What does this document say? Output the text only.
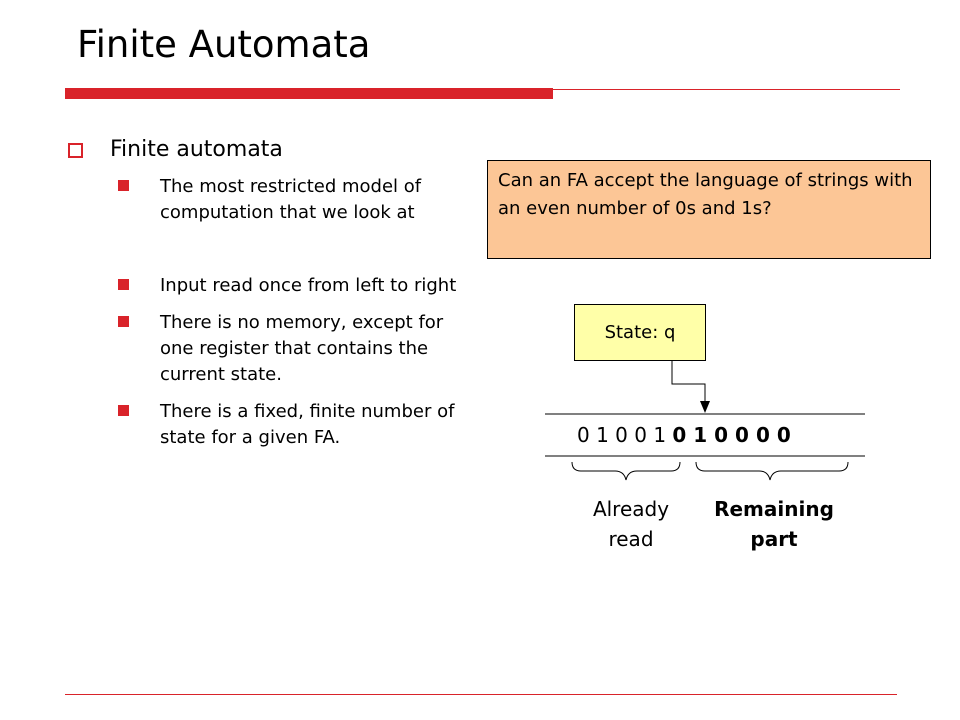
Finite Automata
Finite automata
The most restricted model of computation that we look at
Input read once from left to right
There is no memory, except for one register that contains the current state.
There is a fixed, finite number of state for a given FA.
Can an FA accept the language of strings with an even number of 0s and 1s?
State: q
0 1 0 0 1 0 1 0 0 0 0
Already read
Remaining part
